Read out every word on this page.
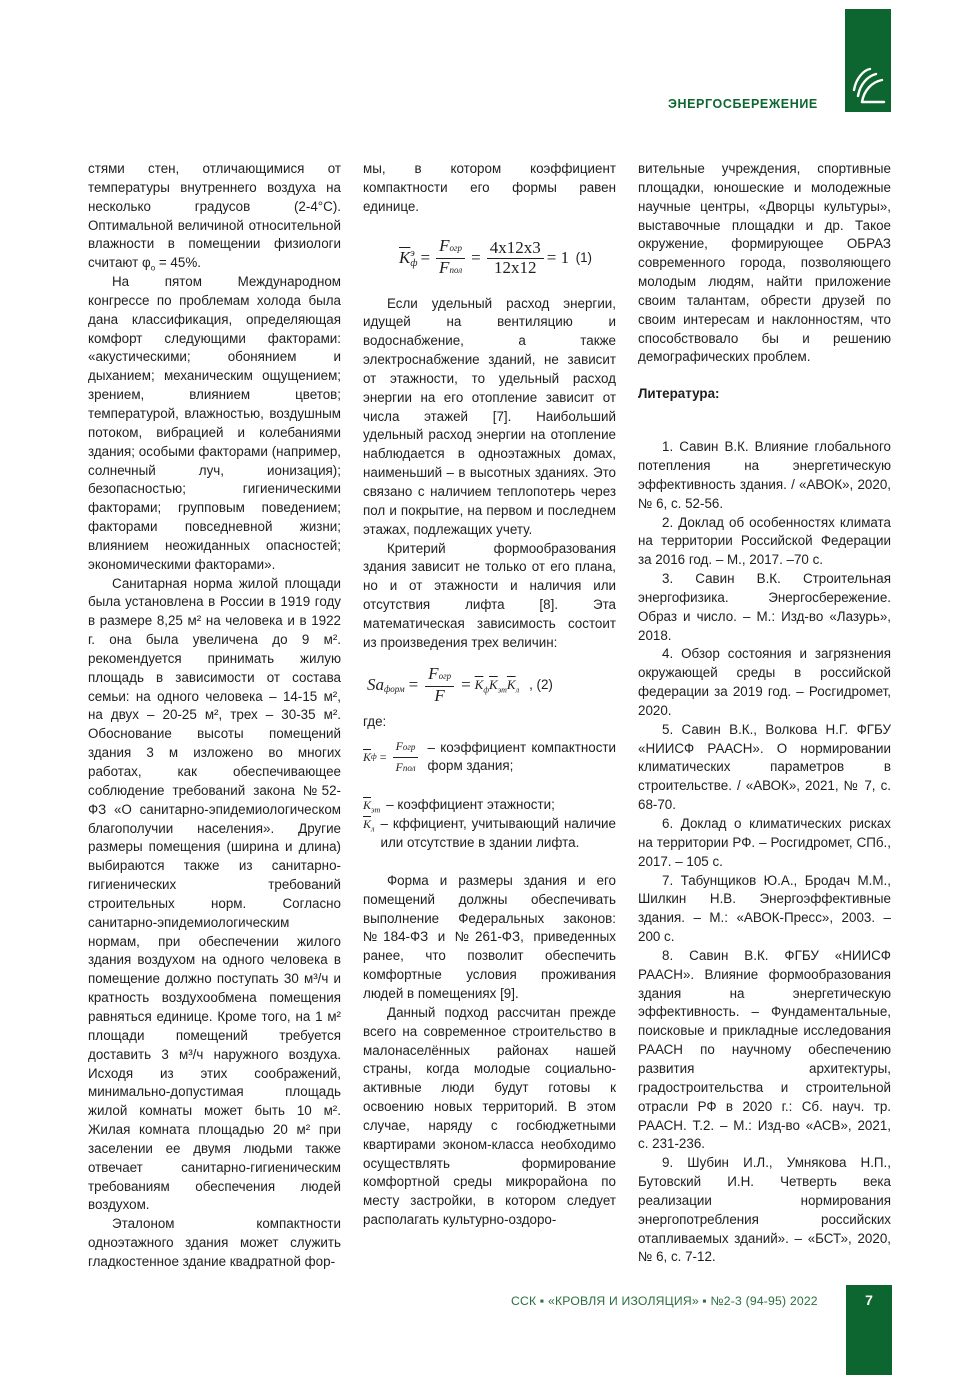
ЭНЕРГОСБЕРЕЖЕНИЕ

стями стен, отличающимися от температуры внутреннего воздуха на несколько градусов (2-4°С). Оптимальной величиной относительной влажности в помещении физиологи считают $\varphi_о = 45\%$.

На пятом Международном конгрессе по проблемам холода была дана классификация, определяющая комфорт следующими факторами: «акустическими; обонянием и дыханием; механическим ощущением; зрением, влиянием цветов; температурой, влажностью, воздушным потоком, вибрацией и колебаниями здания; особыми факторами (например, солнечный луч, ионизация); безопасностью; гигиеническими факторами; групповым поведением; факторами повседневной жизни; влиянием неожиданных опасностей; экономическими факторами».

Санитарная норма жилой площади была установлена в России в 1919 году в размере 8,25 м² на человека и в 1922 г. она была увеличена до 9 м². рекомендуется принимать жилую площадь в зависимости от состава семьи: на одного человека – 14-15 м², на двух – 20-25 м², трех – 30-35 м². Обоснование высоты помещений здания 3 м изложено во многих работах, как обеспечивающее соблюдение требований закона №52-ФЗ «О санитарно-эпидемиологическом благополучии населения». Другие размеры помещения (ширина и длина) выбираются также из санитарно-гигиенических требований строительных норм. Согласно санитарно-эпидемиологическим нормам, при обеспечении жилого здания воздухом на одного человека в помещение должно поступать 30 м³/ч и кратность воздухообмена помещения равняться единице. Кроме того, на 1 м² площади помещений требуется доставить 3 м³/ч наружного воздуха. Исходя из этих соображений, минимально-допустимая площадь жилой комнаты может быть 10 м². Жилая комната площадью 20 м² при заселении ее двумя людьми также отвечает санитарно-гигиеническим требованиям обеспечения людей воздухом.

Эталоном компактности одноэтажного здания может служить гладкостенное здание квадратной фор-

мы, в котором коэффициент компактности его формы равен единице.

$\overline{K}$ э
$ф = \frac{\text{Fогр}}{\text{Fпол}} = \frac{4x12x3}{12x12} = 1$ (1)

Если удельный расход энергии, идущей на вентиляцию и водоснабжение, а также электроснабжение зданий, не зависит от этажности, то удельный расход энергии на его отопление зависит от числа этажей [7]. Наибольший удельный расход энергии на отопление наблюдается в одноэтажных домах, наименьший – в высотных зданиях. Это связано с наличием теплопотерь через пол и покрытие, на первом и последнем этажах, подлежащих учету.

Критерий формообразования здания зависит не только от его плана, но и от этажности и наличия или отсутствия лифта [8]. Эта математическая зависимость состоит из произведения трех величин:

Sa форм = $\frac{\text{Fогр}}{F} = \overline{K}_ф\overline{K}_{эт}\overline{K}_л$ , (2)

где:

$\overline{K}$ $ф = \frac{\text{Fогр}}{\text{Fпол}}$ – коэффициент компактности форм здания;
$\overline{K}_{эт}$ – коэффициент этажности;
$\overline{K}_л$ – кффициент, учитывающий наличие или отсутствие в здании лифта.

Форма и размеры здания и его помещений должны обеспечивать выполнение Федеральных законов: №184-ФЗ и №261-ФЗ, приведенных ранее, что позволит обеспечить комфортные условия проживания людей в помещениях [9].

Данный подход рассчитан прежде всего на современное строительство в малонаселённых районах нашей страны, когда молодые социально-активные люди будут готовы к освоению новых территорий. В этом случае, наряду с госбюджетными квартирами эконом-класса необходимо осуществлять формирование комфортной среды микрорайона по месту застройки, в котором следует располагать культурно-оздоро-

вительные учреждения, спортивные площадки, юношеские и молодежные научные центры, «Дворцы культуры», выставочные площадки и др. Такое окружение, формирующее ОБРАЗ современного города, позволяющего молодым людям, найти приложение своим талантам, обрести друзей по своим интересам и наклонностям, что способствовало бы и решению демографических проблем.

Литература:

1. Савин В.К. Влияние глобального потепления на энергетическую эффективность здания. / «АВОК», 2020, № 6, с. 52-56.

2. Доклад об особенностях климата на территории Российской Федерации за 2016 год. – М., 2017. –70 с.

3. Савин В.К. Строительная энергофизика. Энергосбережение. Образ и число. – М.: Изд-во «Лазурь», 2018.

4. Обзор состояния и загрязнения окружающей среды в российской федерации за 2019 год. – Росгидромет, 2020.

5. Савин В.К., Волкова Н.Г. ФГБУ «НИИСФ РААСН». О нормировании климатических параметров в строительстве. / «АВОК», 2021, № 7, с. 68-70.

6. Доклад о климатических рисках на территории РФ. – Росгидромет, СПб., 2017. – 105 с.

7. Табунщиков Ю.А., Бродач М.М., Шилкин Н.В. Энергоэффективные здания. – М.: «АВОК-Пресс», 2003. – 200 с.

8. Савин В.К. ФГБУ «НИИСФ РААСН». Влияние формообразования здания на энергетическую эффективность. – Фундаментальные, поисковые и прикладные исследования РААСН по научному обеспечению развития архитектуры, градостроительства и строительной отрасли РФ в 2020 г.: Сб. науч. тр. РААСН. Т.2. – М.: Изд-во «АСВ», 2021, с. 231-236.

9. Шубин И.Л., Умнякова Н.П., Бутовский И.Н. Четверть века реализации нормирования энергопотребления российских отапливаемых зданий». – «БСТ», 2020, № 6, с. 7-12.

ССК ▪ «КРОВЛЯ И ИЗОЛЯЦИЯ» ▪ №2-3 (94-95) 2022	7
